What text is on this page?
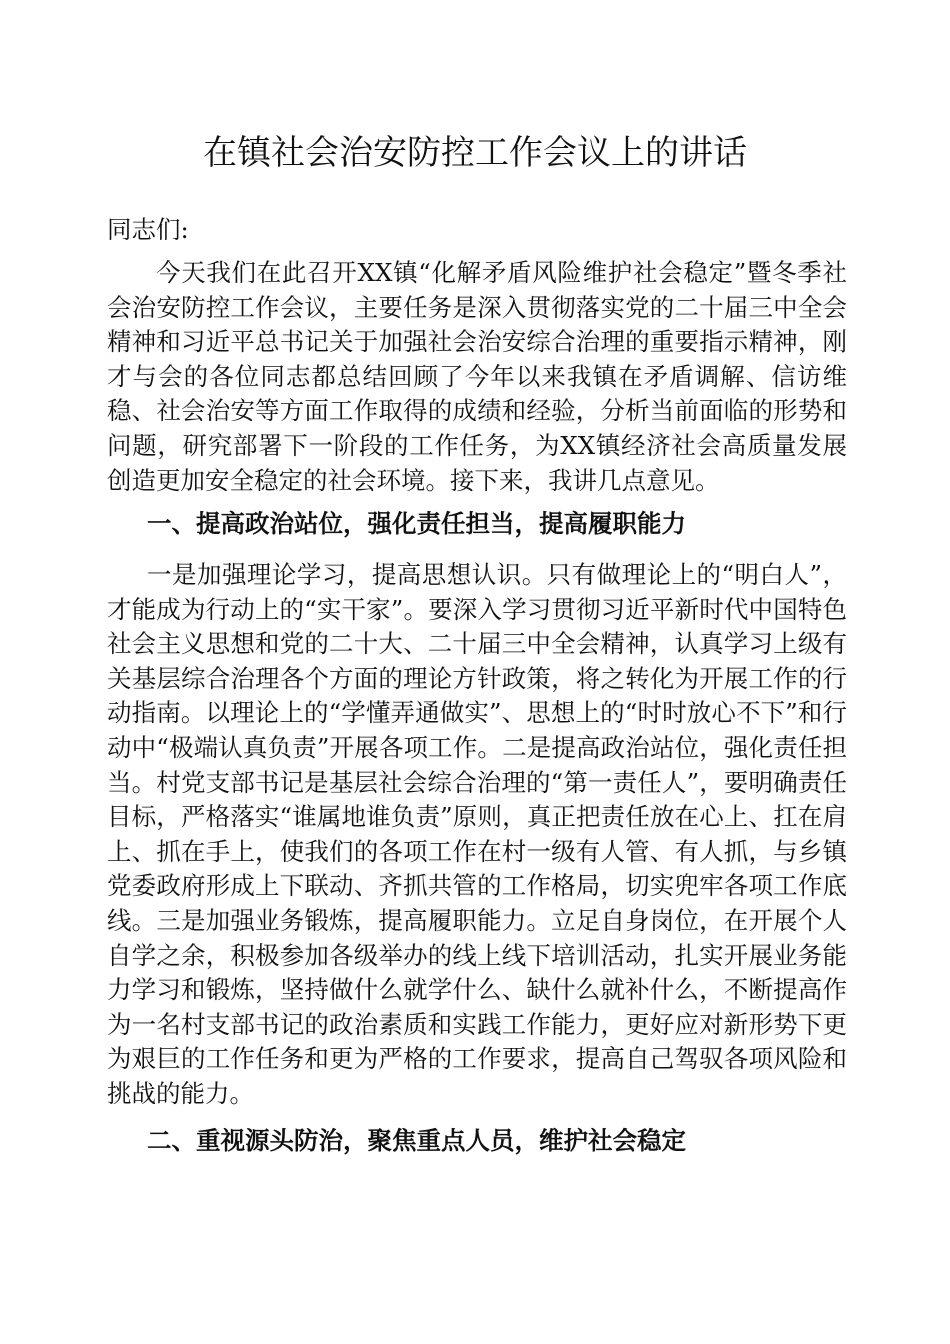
在镇社会治安防控工作会议上的讲话

同志们:

今天我们在此召开XX镇“化解矛盾风险维护社会稳定”暨冬季社会治安防控工作会议，主要任务是深入贯彻落实党的二十届三中全会精神和习近平总书记关于加强社会治安综合治理的重要指示精神，刚才与会的各位同志都总结回顾了今年以来我镇在矛盾调解、信访维稳、社会治安等方面工作取得的成绩和经验，分析当前面临的形势和问题，研究部署下一阶段的工作任务，为XX镇经济社会高质量发展创造更加安全稳定的社会环境。接下来，我讲几点意见。

一、提高政治站位，强化责任担当，提高履职能力

一是加强理论学习，提高思想认识。只有做理论上的“明白人”，才能成为行动上的“实干家”。要深入学习贯彻习近平新时代中国特色社会主义思想和党的二十大、二十届三中全会精神，认真学习上级有关基层综合治理各个方面的理论方针政策，将之转化为开展工作的行动指南。以理论上的“学懂弄通做实”、思想上的“时时放心不下”和行动中“极端认真负责”开展各项工作。二是提高政治站位，强化责任担当。村党支部书记是基层社会综合治理的“第一责任人”，要明确责任目标，严格落实“谁属地谁负责”原则，真正把责任放在心上、扛在肩上、抓在手上，使我们的各项工作在村一级有人管、有人抓，与乡镇党委政府形成上下联动、齐抓共管的工作格局，切实兜牢各项工作底线。三是加强业务锻炼，提高履职能力。立足自身岗位，在开展个人自学之余，积极参加各级举办的线上线下培训活动，扎实开展业务能力学习和锻炼，坚持做什么就学什么、缺什么就补什么，不断提高作为一名村支部书记的政治素质和实践工作能力，更好应对新形势下更为艰巨的工作任务和更为严格的工作要求，提高自己驾驭各项风险和挑战的能力。

二、重视源头防治，聚焦重点人员，维护社会稳定
